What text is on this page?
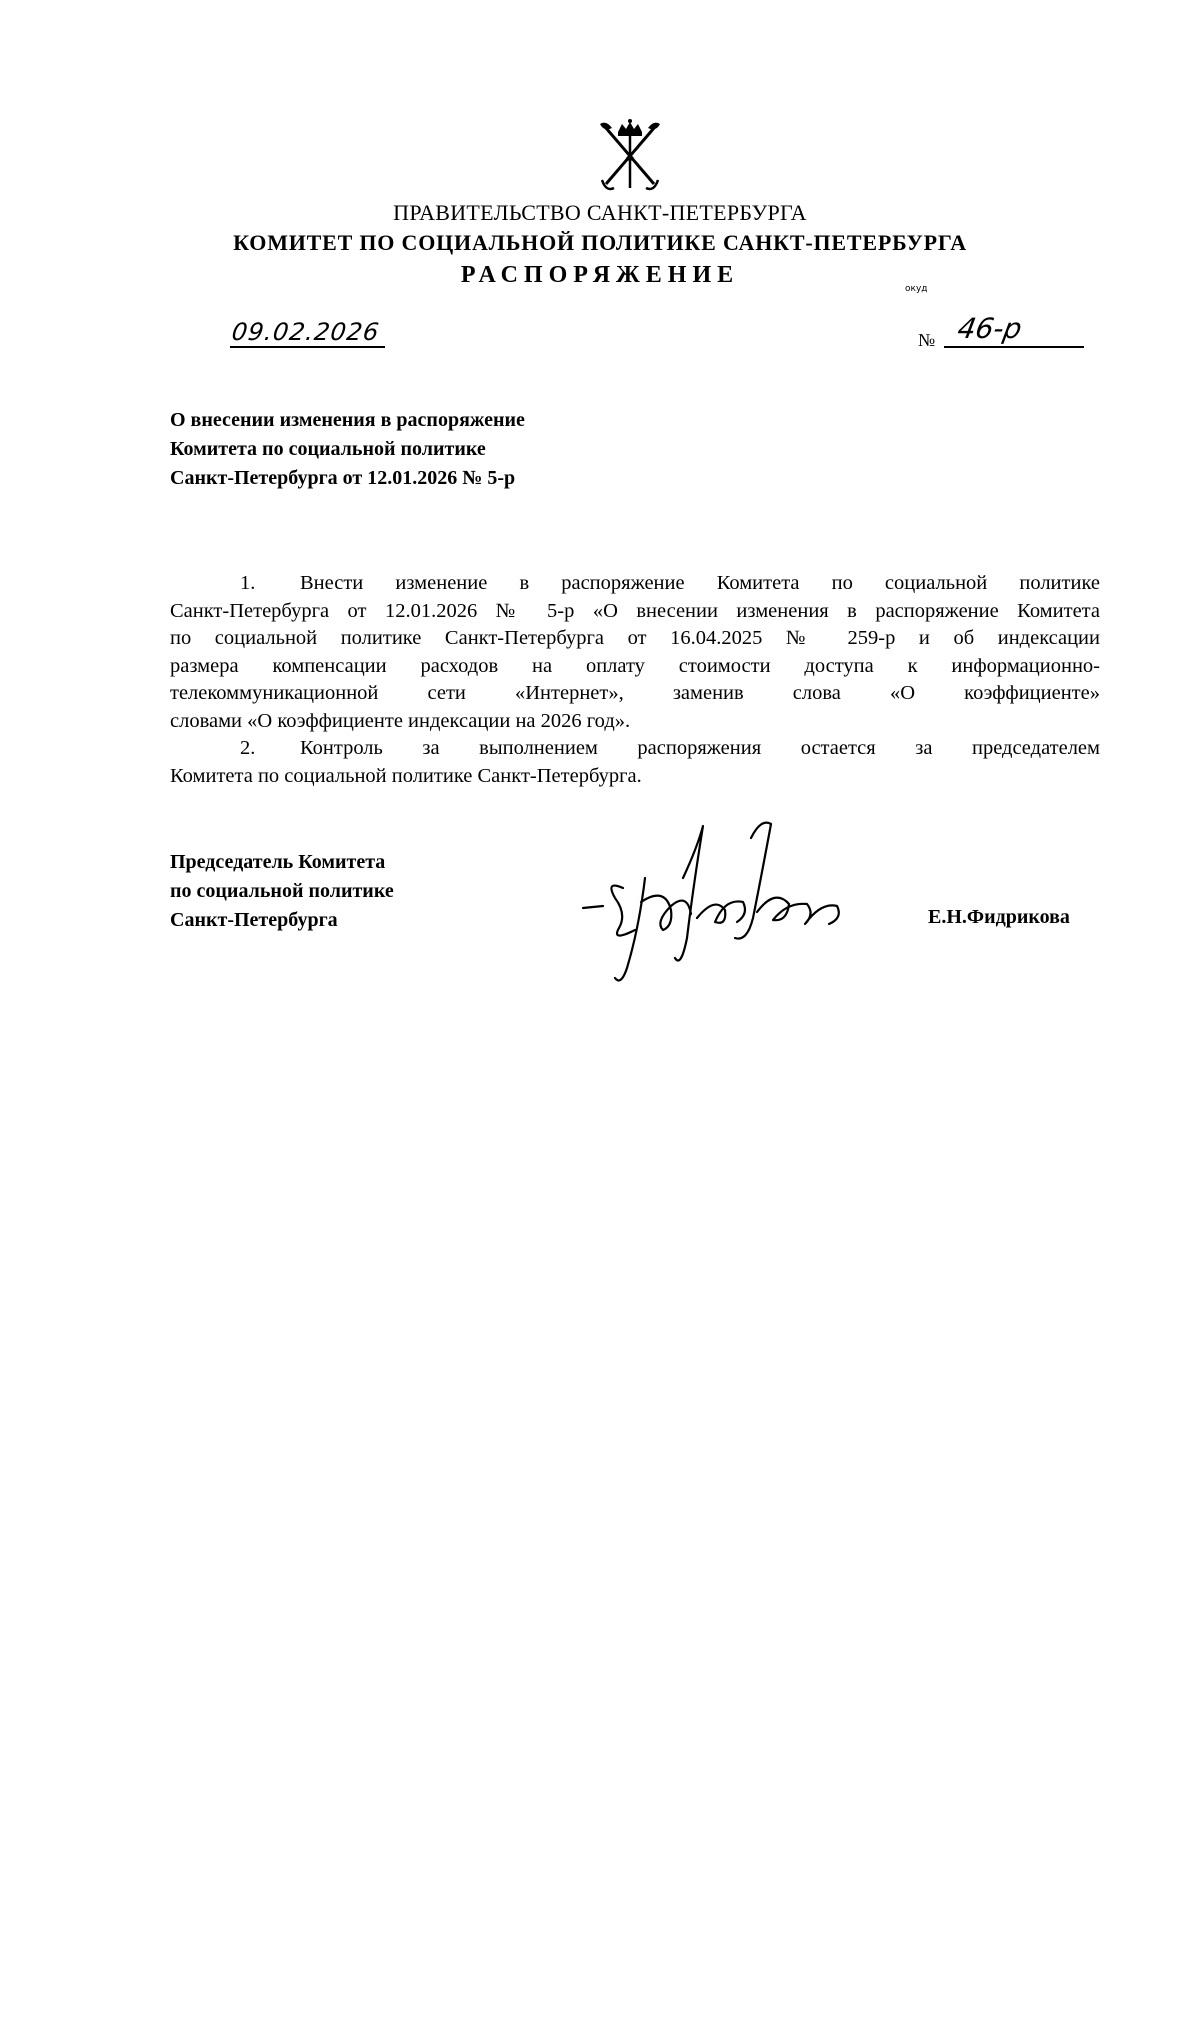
ПРАВИТЕЛЬСТВО САНКТ-ПЕТЕРБУРГА
КОМИТЕТ ПО СОЦИАЛЬНОЙ ПОЛИТИКЕ САНКТ-ПЕТЕРБУРГА
РАСПОРЯЖЕНИЕ
окуд
09.02.2026	№ 46-р
О внесении изменения в распоряжение
Комитета по социальной политике
Санкт-Петербурга от 12.01.2026 № 5-р

1. Внести изменение в распоряжение Комитета по социальной политике

Санкт-Петербурга от 12.01.2026 № 5-р «О внесении изменения в распоряжение Комитета

по социальной политике Санкт-Петербурга от 16.04.2025 № 259-р и об индексации

размера компенсации расходов на оплату стоимости доступа к информационно-

телекоммуникационной сети «Интернет», заменив слова «О коэффициенте»

словами «О коэффициенте индексации на 2026 год».

2. Контроль за выполнением распоряжения остается за председателем

Комитета по социальной политике Санкт-Петербурга.

Председатель Комитета
по социальной политике
Санкт-Петербурга	Е.Н.Фидрикова
